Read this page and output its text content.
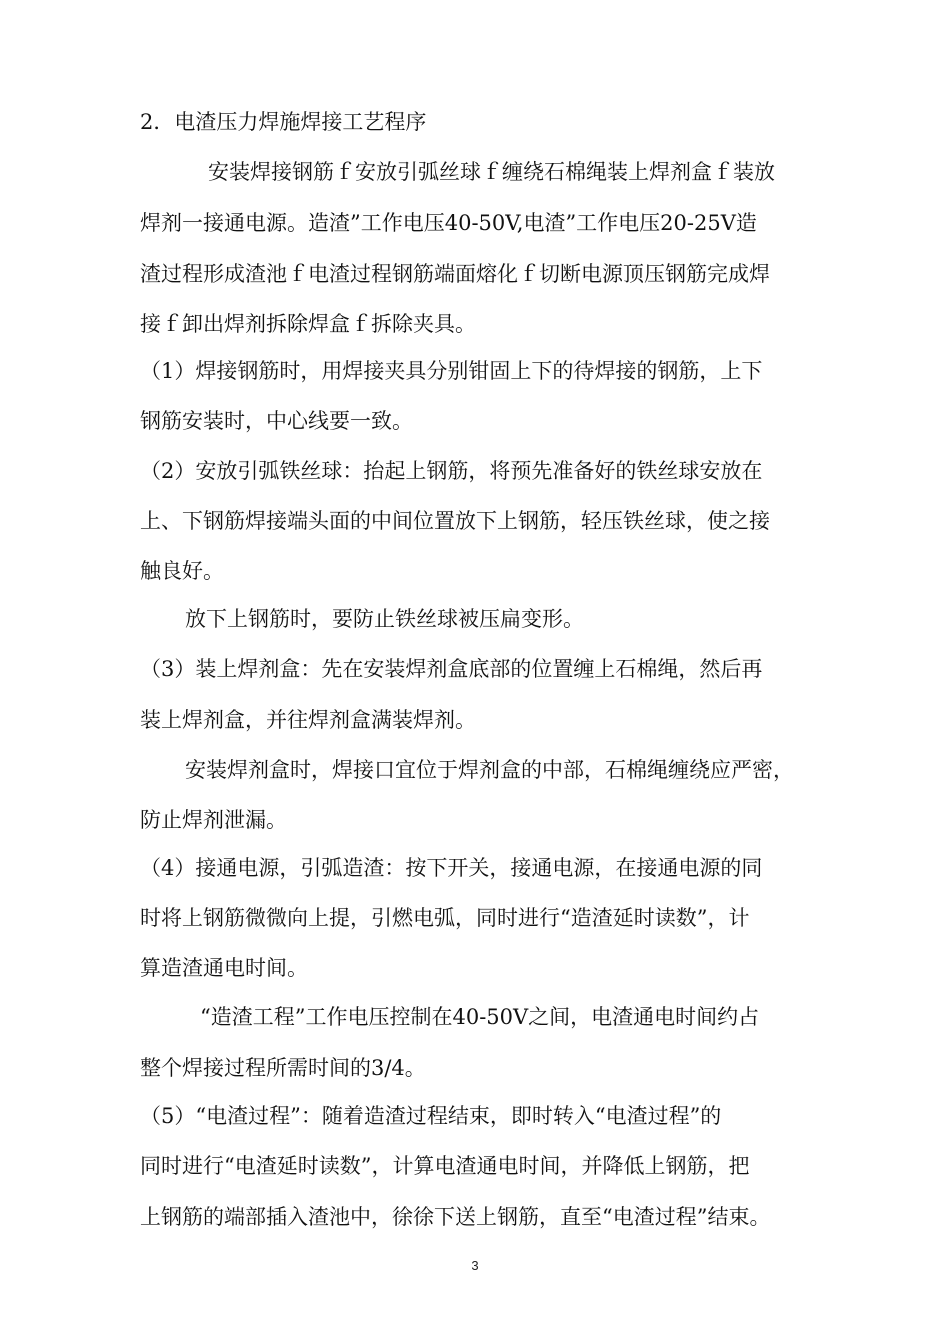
2．电渣压力焊施焊接工艺程序
安装焊接钢筋ｆ安放引弧丝球ｆ缠绕石棉绳装上焊剂盒ｆ装放
焊剂一接通电源。造渣”工作电压40-50V,电渣”工作电压20-25V造
渣过程形成渣池ｆ电渣过程钢筋端面熔化ｆ切断电源顶压钢筋完成焊
接ｆ卸出焊剂拆除焊盒ｆ拆除夹具。
（1）焊接钢筋时，用焊接夹具分别钳固上下的待焊接的钢筋，上下
钢筋安装时，中心线要一致。
（2）安放引弧铁丝球：抬起上钢筋，将预先准备好的铁丝球安放在
上、下钢筋焊接端头面的中间位置放下上钢筋，轻压铁丝球，使之接
触良好。
放下上钢筋时，要防止铁丝球被压扁变形。
（3）装上焊剂盒：先在安装焊剂盒底部的位置缠上石棉绳，然后再
装上焊剂盒，并往焊剂盒满装焊剂。
安装焊剂盒时，焊接口宜位于焊剂盒的中部，石棉绳缠绕应严密，
防止焊剂泄漏。
（4）接通电源，引弧造渣：按下开关，接通电源，在接通电源的同
时将上钢筋微微向上提，引燃电弧，同时进行“造渣延时读数”，计
算造渣通电时间。
“造渣工程”工作电压控制在40-50V之间，电渣通电时间约占
整个焊接过程所需时间的3/4。
（5）“电渣过程”：随着造渣过程结束，即时转入“电渣过程”的
同时进行“电渣延时读数”，计算电渣通电时间，并降低上钢筋，把
上钢筋的端部插入渣池中，徐徐下送上钢筋，直至“电渣过程”结束。
3
